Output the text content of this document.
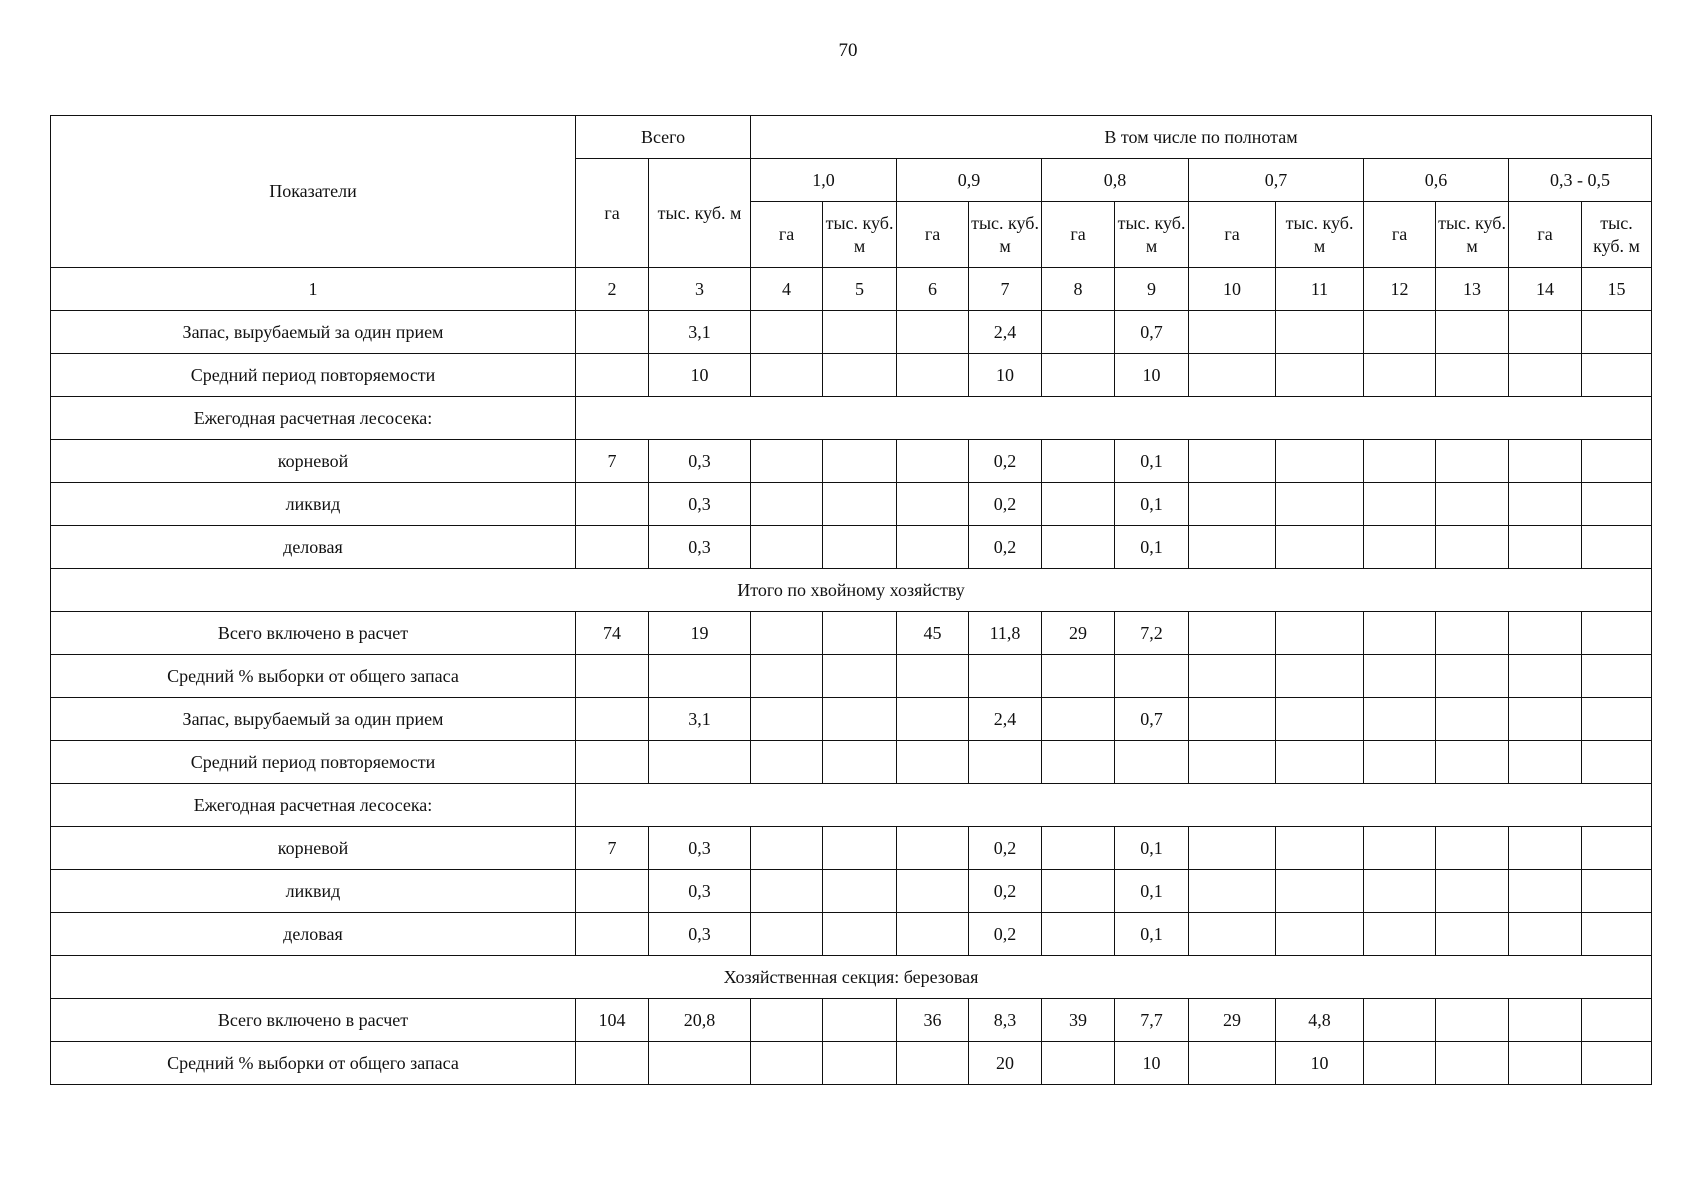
70
Показатели	Всего		В том числе по полнотам											
	га	тыс. куб. м	1,0		0,9		0,8		0,7		0,6		0,3 - 0,5	
			га	тыс. куб. м	га	тыс. куб. м	га	тыс. куб. м	га	тыс. куб. м	га	тыс. куб. м	га	тыс. куб. м
1	2	3	4	5	6	7	8	9	10	11	12	13	14	15
Запас, вырубаемый за один прием		3,1				2,4		0,7						
Средний период повторяемости		10				10		10						
Ежегодная расчетная лесосека:														
корневой	7	0,3				0,2		0,1						
ликвид		0,3				0,2		0,1						
деловая		0,3				0,2		0,1						
Итого по хвойному хозяйству														
Всего включено в расчет	74	19			45	11,8	29	7,2						
Средний % выборки от общего запаса														
Запас, вырубаемый за один прием		3,1				2,4		0,7						
Средний период повторяемости														
Ежегодная расчетная лесосека:														
корневой	7	0,3				0,2		0,1						
ликвид		0,3				0,2		0,1						
деловая		0,3				0,2		0,1						
Хозяйственная секция: березовая														
Всего включено в расчет	104	20,8			36	8,3	39	7,7	29	4,8				
Средний % выборки от общего запаса						20		10		10				
